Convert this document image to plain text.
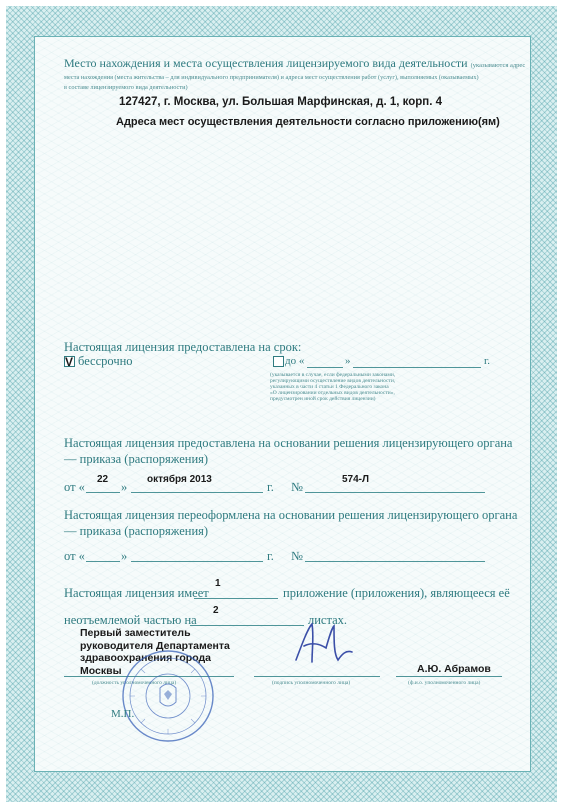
Место нахождения и места осуществления лицензируемого вида деятельности (указываются адрес
места нахождения (места жительства – для индивидуального предпринимателя) и адреса мест осуществления работ (услуг), выполняемых (оказываемых)
в составе лицензируемого вида деятельности)
127427, г. Москва, ул. Большая Марфинская, д. 1, корп. 4
Адреса мест осуществления деятельности согласно приложению(ям)
Настоящая лицензия предоставлена на срок:
V бессрочно	до «	»	г.
(указывается в случае, если федеральными законами,
регулирующими осуществление видов деятельности,
указанных в части 4 статьи 1 Федерального закона
«О лицензировании отдельных видов деятельности»,
предусмотрен иной срок действия лицензии)
Настоящая лицензия предоставлена на основании решения лицензирующего органа
— приказа (распоряжения)
от «
22
»
октября 2013
г. №
574-Л
Настоящая лицензия переоформлена на основании решения лицензирующего органа
— приказа (распоряжения)
от «	»	г. №
Настоящая лицензия имеет
1
приложение (приложения), являющееся её
неотъемлемой частью на
2
листах.
Первый заместитель
руководителя Департамента
здравоохранения города
Москвы
(должность уполномоченного лица)	(подпись уполномоченного лица)
А.Ю. Абрамов
(ф.и.о. уполномоченного лица)
М.П.
